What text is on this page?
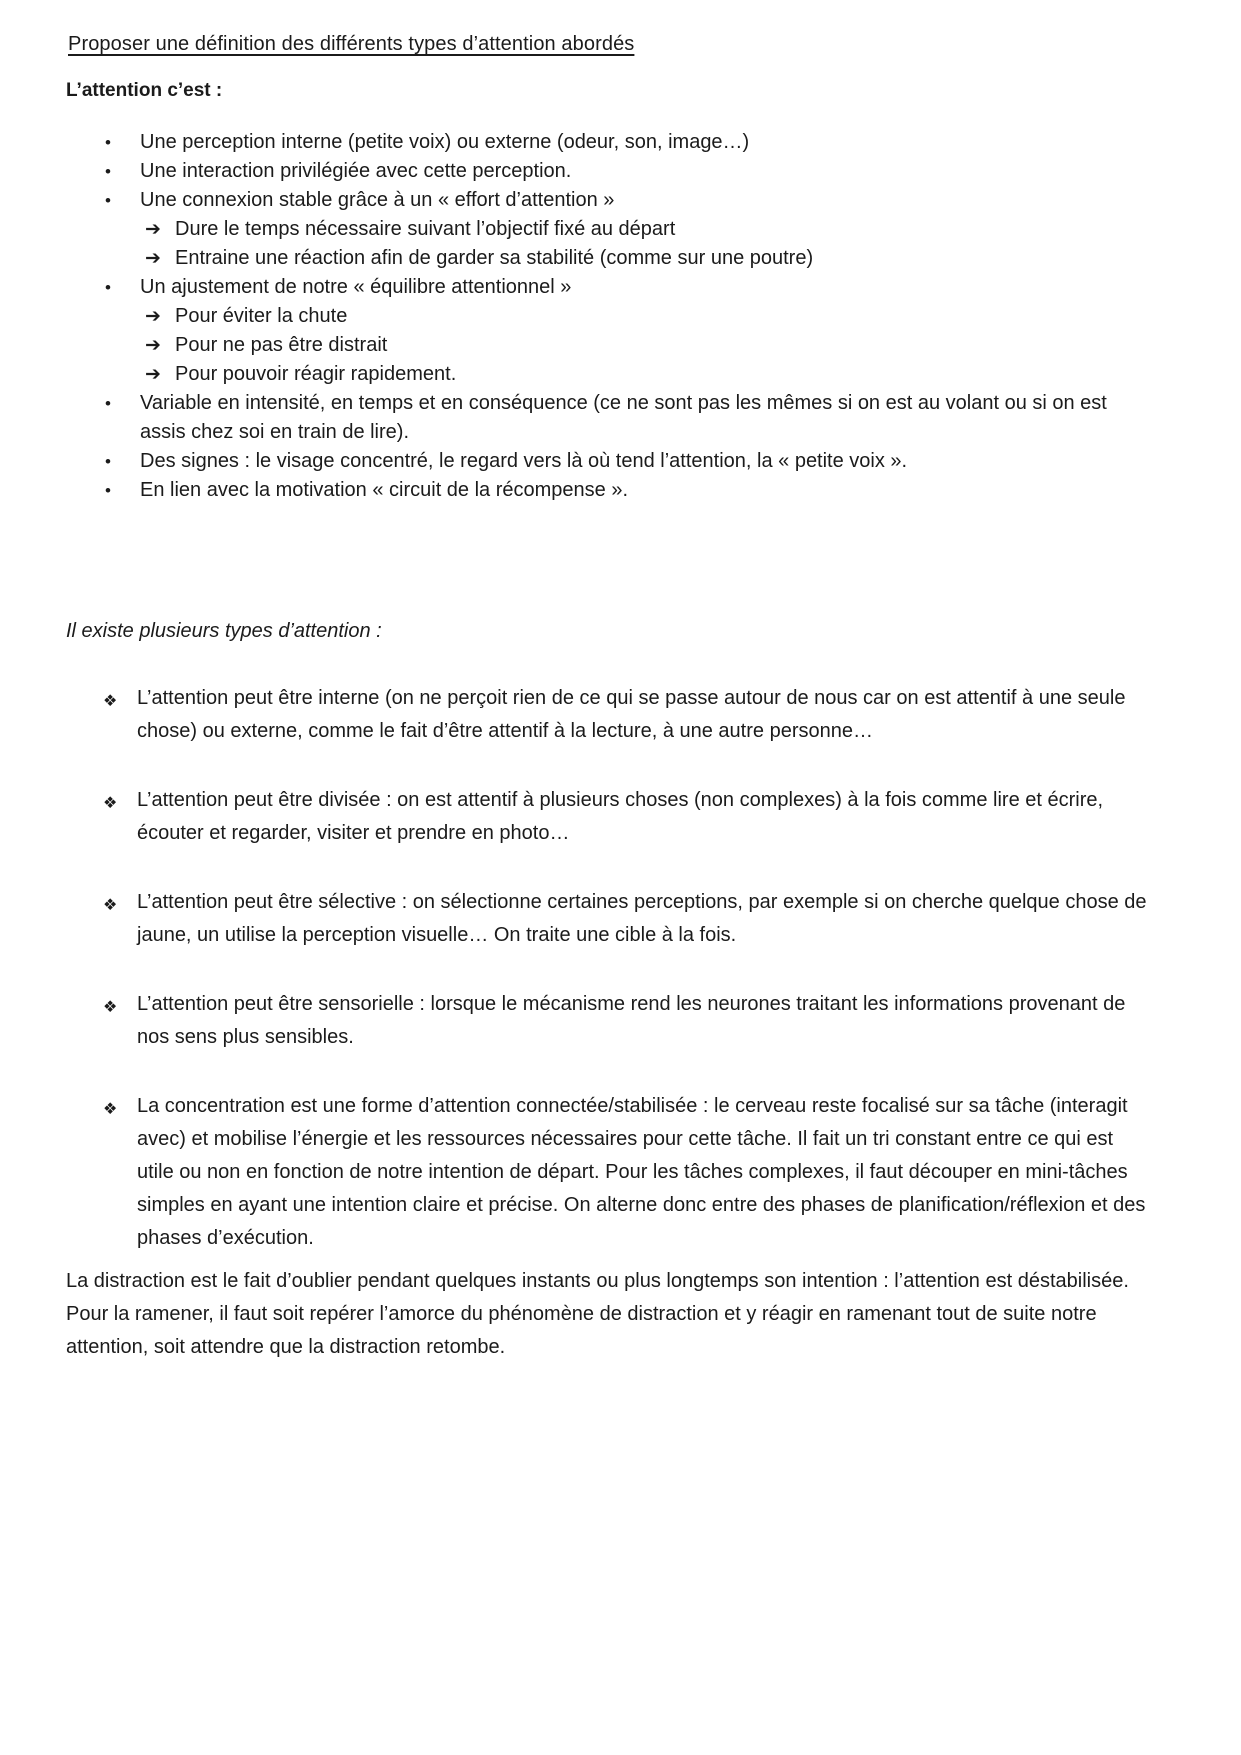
Proposer une définition des différents types d’attention abordés
L’attention c’est :
•	Une perception interne (petite voix) ou externe (odeur, son, image…)
•	Une interaction privilégiée avec cette perception.
•	Une connexion stable grâce à un « effort d’attention »
➔ Dure le temps nécessaire suivant l’objectif fixé au départ
➔ Entraine une réaction afin de garder sa stabilité (comme sur une poutre)
•	Un ajustement de notre « équilibre attentionnel »
➔ Pour éviter la chute
➔ Pour ne pas être distrait
➔ Pour pouvoir réagir rapidement.
•	Variable en intensité, en temps et en conséquence (ce ne sont pas les mêmes si on est au volant ou si on est assis chez soi en train de lire).
•	Des signes : le visage concentré, le regard vers là où tend l’attention, la « petite voix ».
•	En lien avec la motivation « circuit de la récompense ».

Il existe plusieurs types d’attention :

❖ L’attention peut être interne (on ne perçoit rien de ce qui se passe autour de nous car on est attentif à une seule chose) ou externe, comme le fait d’être attentif à la lecture, à une autre personne…
❖ L’attention peut être divisée : on est attentif à plusieurs choses (non complexes) à la fois comme lire et écrire, écouter et regarder, visiter et prendre en photo…
❖ L’attention peut être sélective : on sélectionne certaines perceptions, par exemple si on cherche quelque chose de jaune, un utilise la perception visuelle… On traite une cible à la fois.
❖ L’attention peut être sensorielle : lorsque le mécanisme rend les neurones traitant les informations provenant de nos sens plus sensibles.
❖ La concentration est une forme d’attention connectée/stabilisée : le cerveau reste focalisé sur sa tâche (interagit avec) et mobilise l’énergie et les ressources nécessaires pour cette tâche. Il fait un tri constant entre ce qui est utile ou non en fonction de notre intention de départ. Pour les tâches complexes, il faut découper en mini-tâches simples en ayant une intention claire et précise. On alterne donc entre des phases de planification/réflexion et des phases d’exécution.

La distraction est le fait d’oublier pendant quelques instants ou plus longtemps son intention : l’attention est déstabilisée. Pour la ramener, il faut soit repérer l’amorce du phénomène de distraction et y réagir en ramenant tout de suite notre attention, soit attendre que la distraction retombe.
